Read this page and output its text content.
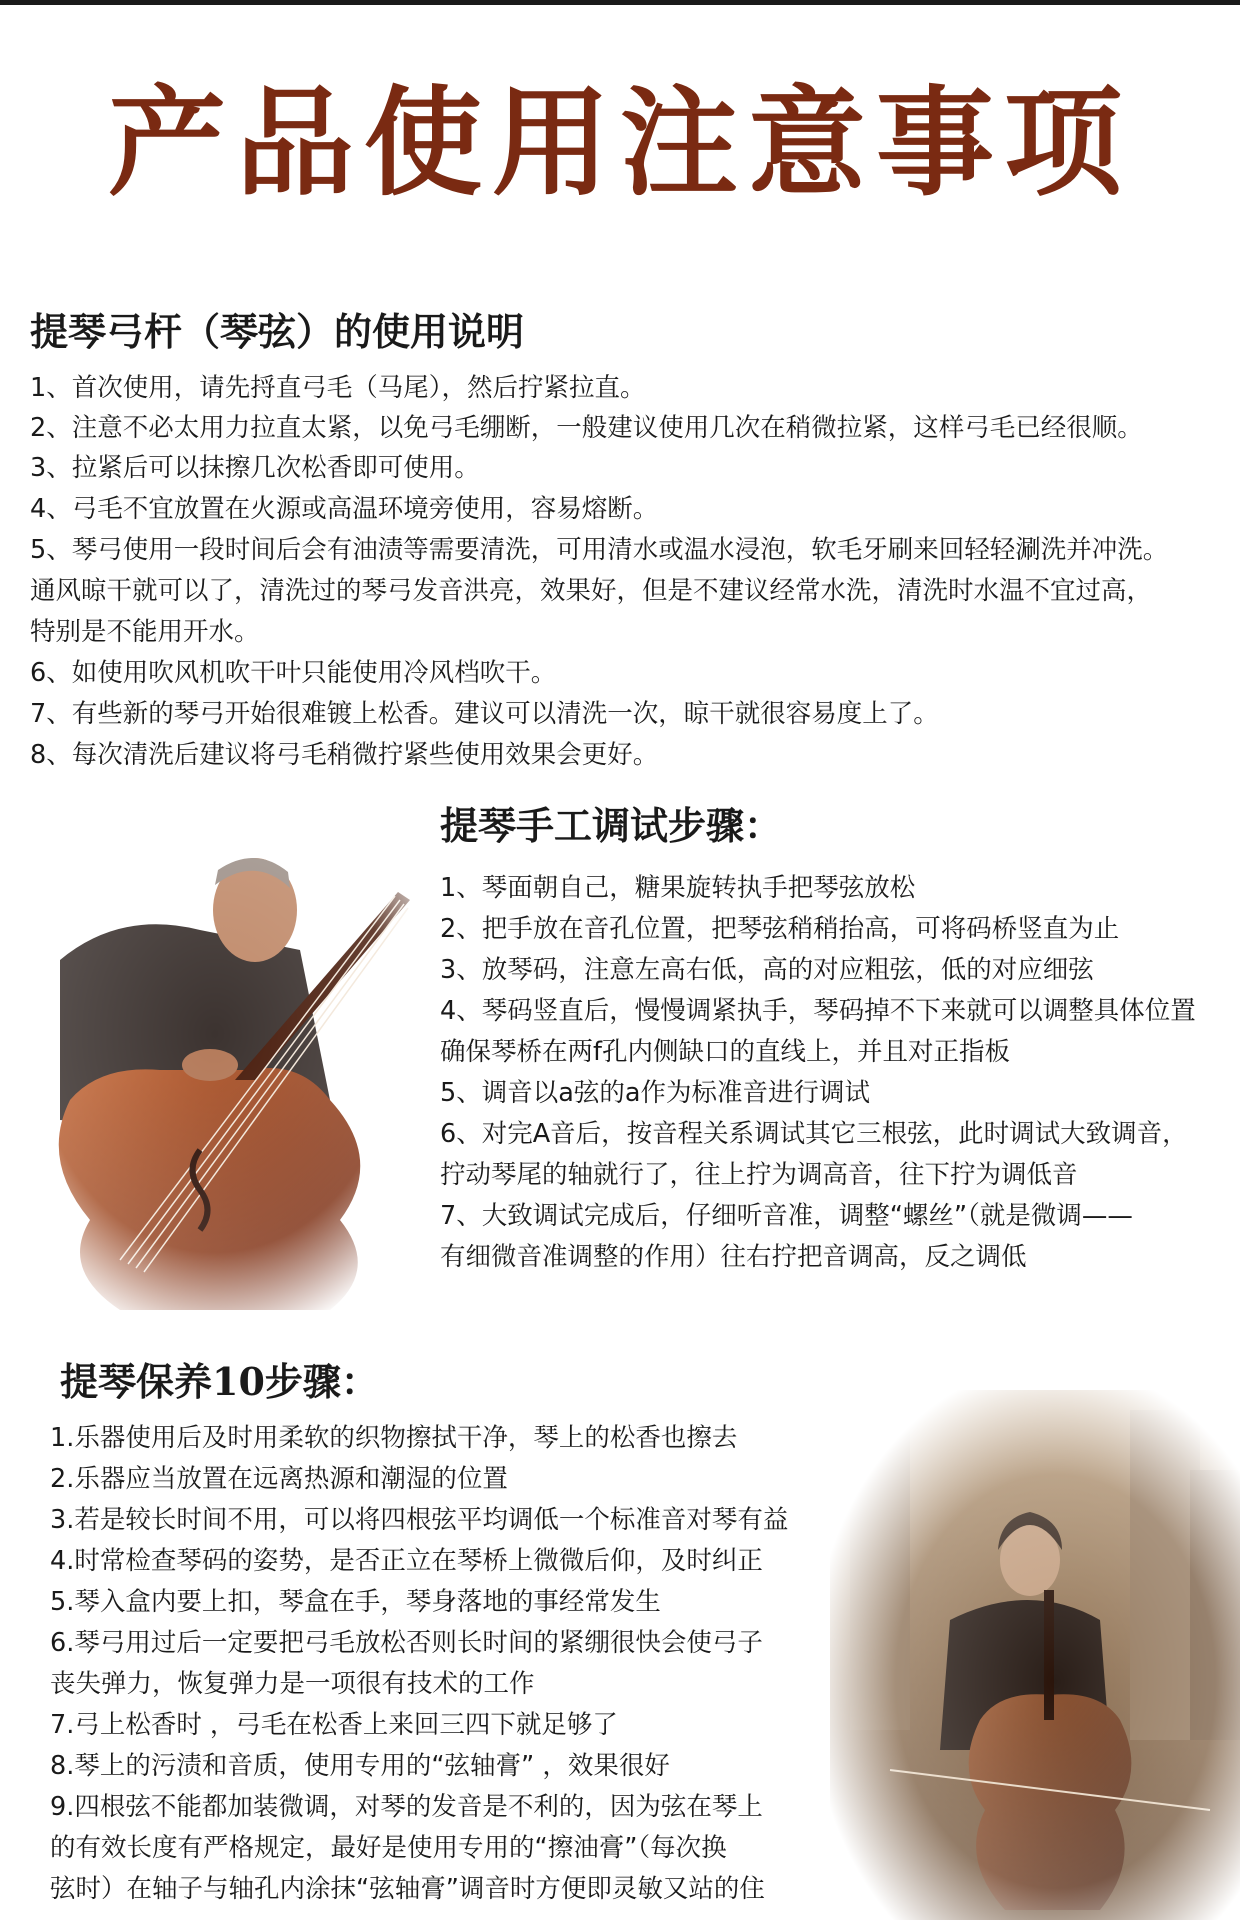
产品使用注意事项
提琴弓杆（琴弦）的使用说明

1、首次使用，请先捋直弓毛（马尾），然后拧紧拉直。

2、注意不必太用力拉直太紧，以免弓毛绷断，一般建议使用几次在稍微拉紧，这样弓毛已经很顺。

3、拉紧后可以抹擦几次松香即可使用。

4、弓毛不宜放置在火源或高温环境旁使用，容易熔断。

5、琴弓使用一段时间后会有油渍等需要清洗，可用清水或温水浸泡，软毛牙刷来回轻轻涮洗并冲洗。

通风晾干就可以了，清洗过的琴弓发音洪亮，效果好，但是不建议经常水洗，清洗时水温不宜过高，

特别是不能用开水。

6、如使用吹风机吹干叶只能使用冷风档吹干。

7、有些新的琴弓开始很难镀上松香。建议可以清洗一次，晾干就很容易度上了。

8、每次清洗后建议将弓毛稍微拧紧些使用效果会更好。

提琴手工调试步骤：

1、琴面朝自己，糖果旋转执手把琴弦放松

2、把手放在音孔位置，把琴弦稍稍抬高，可将码桥竖直为止

3、放琴码，注意左高右低，高的对应粗弦，低的对应细弦

4、琴码竖直后，慢慢调紧执手，琴码掉不下来就可以调整具体位置

确保琴桥在两f孔内侧缺口的直线上，并且对正指板

5、调音以a弦的a作为标准音进行调试

6、对完A音后，按音程关系调试其它三根弦，此时调试大致调音，

拧动琴尾的轴就行了，往上拧为调高音，往下拧为调低音

7、大致调试完成后，仔细听音准，调整“螺丝”（就是微调——

有细微音准调整的作用）往右拧把音调高，反之调低

提琴保养10步骤：

1.乐器使用后及时用柔软的织物擦拭干净，琴上的松香也擦去

2.乐器应当放置在远离热源和潮湿的位置

3.若是较长时间不用，可以将四根弦平均调低一个标准音对琴有益

4.时常检查琴码的姿势，是否正立在琴桥上微微后仰，及时纠正

5.琴入盒内要上扣，琴盒在手，琴身落地的事经常发生

6.琴弓用过后一定要把弓毛放松否则长时间的紧绷很快会使弓子

丧失弹力，恢复弹力是一项很有技术的工作

7.弓上松香时 ，弓毛在松香上来回三四下就足够了

8.琴上的污渍和音质，使用专用的“弦轴膏” ，效果很好

9.四根弦不能都加装微调，对琴的发音是不利的，因为弦在琴上

的有效长度有严格规定，最好是使用专用的“擦油膏”（每次换

弦时）在轴子与轴孔内涂抹“弦轴膏”调音时方便即灵敏又站的住
